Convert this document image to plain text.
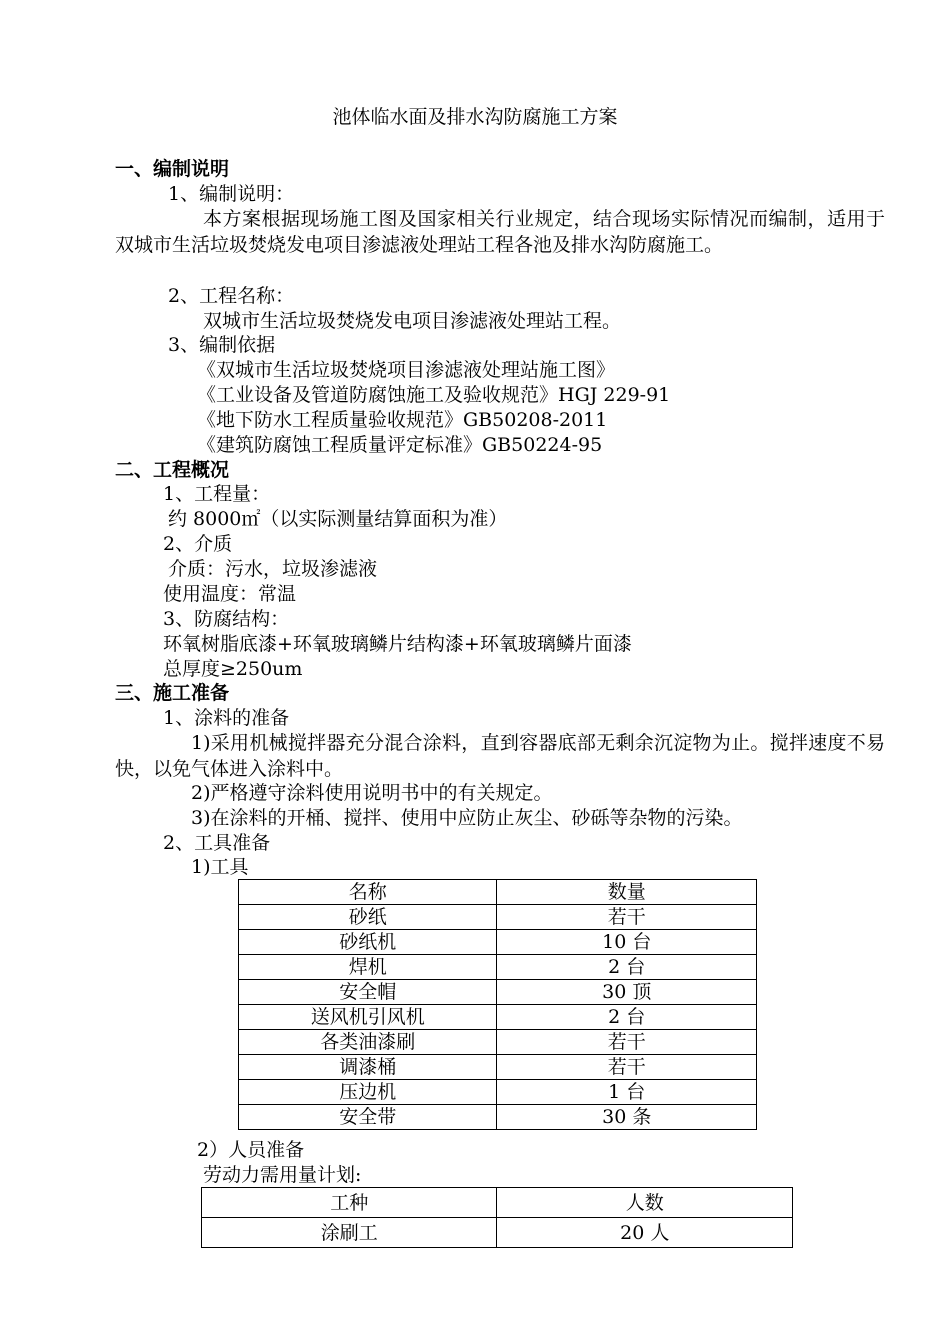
池体临水面及排水沟防腐施工方案
一、编制说明
1、编制说明：
本方案根据现场施工图及国家相关行业规定，结合现场实际情况而编制，适用于双城市生活垃圾焚烧发电项目渗滤液处理站工程各池及排水沟防腐施工。
2、工程名称：
双城市生活垃圾焚烧发电项目渗滤液处理站工程。
3、编制依据
《双城市生活垃圾焚烧项目渗滤液处理站施工图》
《工业设备及管道防腐蚀施工及验收规范》HGJ 229-91
《地下防水工程质量验收规范》GB50208-2011
《建筑防腐蚀工程质量评定标准》GB50224-95
二、工程概况
1、工程量：
约 8000㎡（以实际测量结算面积为准）
2、介质
介质：污水，垃圾渗滤液
使用温度：常温
3、防腐结构：
环氧树脂底漆+环氧玻璃鳞片结构漆+环氧玻璃鳞片面漆
总厚度≥250um
三、施工准备
1、涂料的准备
1)采用机械搅拌器充分混合涂料，直到容器底部无剩余沉淀物为止。搅拌速度不易快，以免气体进入涂料中。
2)严格遵守涂料使用说明书中的有关规定。
3)在涂料的开桶、搅拌、使用中应防止灰尘、砂砾等杂物的污染。
2、工具准备
1)工具
名称	数量
砂纸	若干
砂纸机	10 台
焊机	2 台
安全帽	30 顶
送风机引风机	2 台
各类油漆刷	若干
调漆桶	若干
压边机	1 台
安全带	30 条
2）人员准备
劳动力需用量计划:
工种	人数
涂刷工	20 人
